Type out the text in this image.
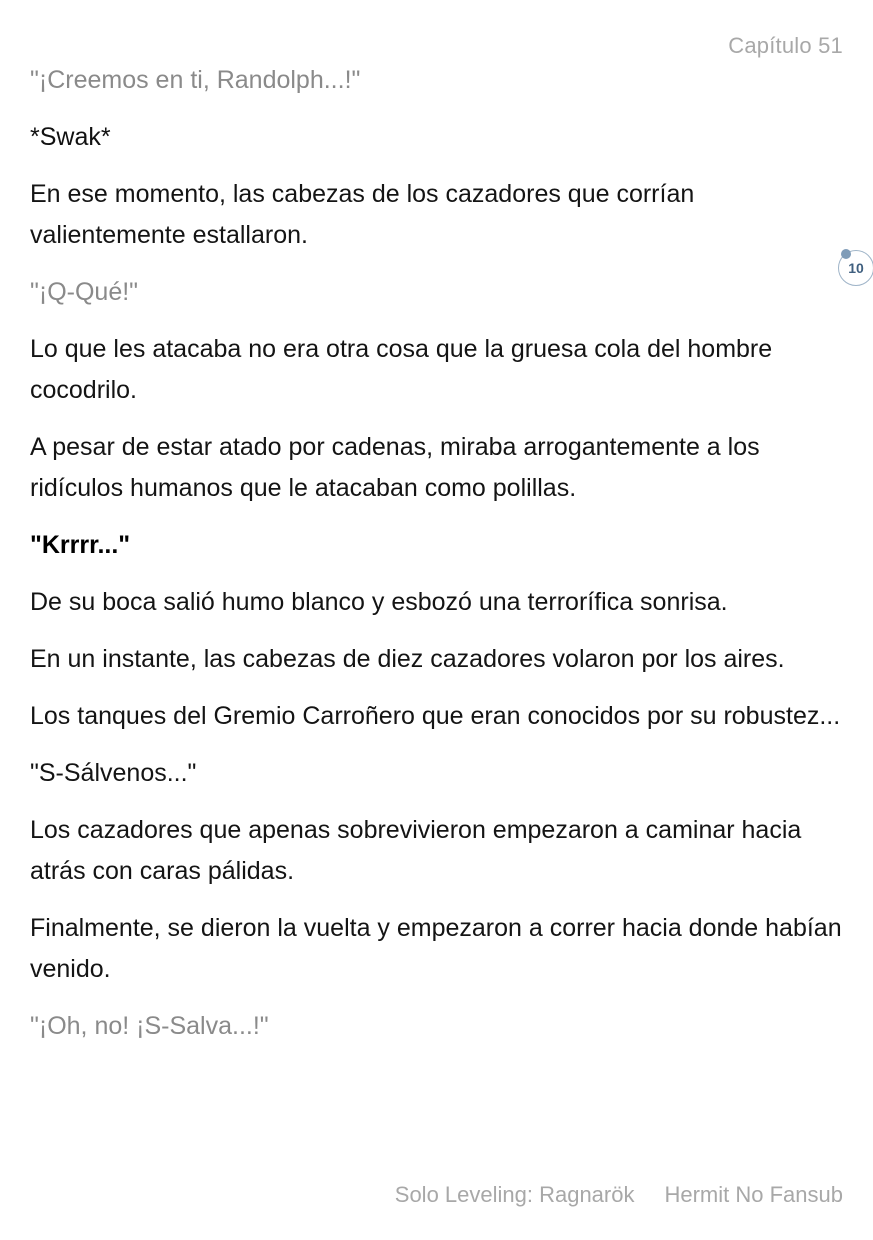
Capítulo 51

"¡Creemos en ti, Randolph...!"

*Swak*

En ese momento, las cabezas de los cazadores que corrían valientemente estallaron.

"¡Q-Qué!"

Lo que les atacaba no era otra cosa que la gruesa cola del hombre cocodrilo.

A pesar de estar atado por cadenas, miraba arrogantemente a los ridículos humanos que le atacaban como polillas.

"Krrrr..."

De su boca salió humo blanco y esbozó una terrorífica sonrisa.

En un instante, las cabezas de diez cazadores volaron por los aires.

Los tanques del Gremio Carroñero que eran conocidos por su robustez...

"S-Sálvenos..."

Los cazadores que apenas sobrevivieron empezaron a caminar hacia atrás con caras pálidas.

Finalmente, se dieron la vuelta y empezaron a correr hacia donde habían venido.

"¡Oh, no! ¡S-Salva...!"

10
Solo Leveling: Ragnarök Hermit No Fansub
